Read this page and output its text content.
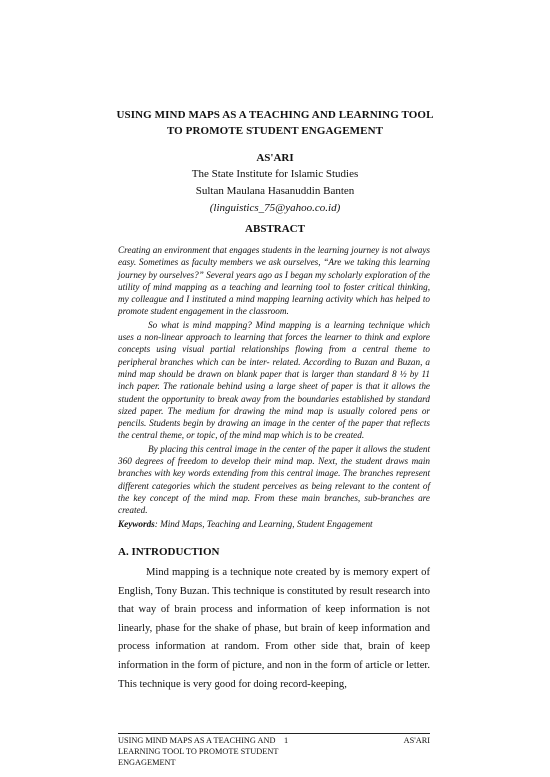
USING MIND MAPS AS A TEACHING AND LEARNING TOOL
TO PROMOTE STUDENT ENGAGEMENT
AS'ARI
The State Institute for Islamic Studies
Sultan Maulana Hasanuddin Banten
(linguistics_75@yahoo.co.id)
ABSTRACT

Creating an environment that engages students in the learning journey is not always easy. Sometimes as faculty members we ask ourselves, “Are we taking this learning journey by ourselves?” Several years ago as I began my scholarly exploration of the utility of mind mapping as a teaching and learning tool to foster critical thinking, my colleague and I instituted a mind mapping learning activity which has helped to promote student engagement in the classroom.

So what is mind mapping? Mind mapping is a learning technique which uses a non-linear approach to learning that forces the learner to think and explore concepts using visual partial relationships flowing from a central theme to peripheral branches which can be inter- related. According to Buzan and Buzan, a mind map should be drawn on blank paper that is larger than standard 8 ½ by 11 inch paper. The rationale behind using a large sheet of paper is that it allows the student the opportunity to break away from the boundaries established by standard sized paper. The medium for drawing the mind map is usually colored pens or pencils. Students begin by drawing an image in the center of the paper that reflects the central theme, or topic, of the mind map which is to be created.

By placing this central image in the center of the paper it allows the student 360 degrees of freedom to develop their mind map. Next, the student draws main branches with key words extending from this central image. The branches represent different categories which the student perceives as being relevant to the content of the key concept of the mind map. From these main branches, sub-branches are created.

Keywords: Mind Maps, Teaching and Learning, Student Engagement
A. INTRODUCTION
Mind mapping is a technique note created by is memory expert of English, Tony Buzan. This technique is constituted by result research into that way of brain process and information of keep information is not linearly, phase for the shake of phase, but brain of keep information and process information at random. From other side that, brain of keep information in the form of picture, and non in the form of article or letter. This technique is very good for doing record-keeping,
USING MIND MAPS AS A TEACHING AND LEARNING TOOL TO PROMOTE STUDENT ENGAGEMENT
1	AS'ARI
